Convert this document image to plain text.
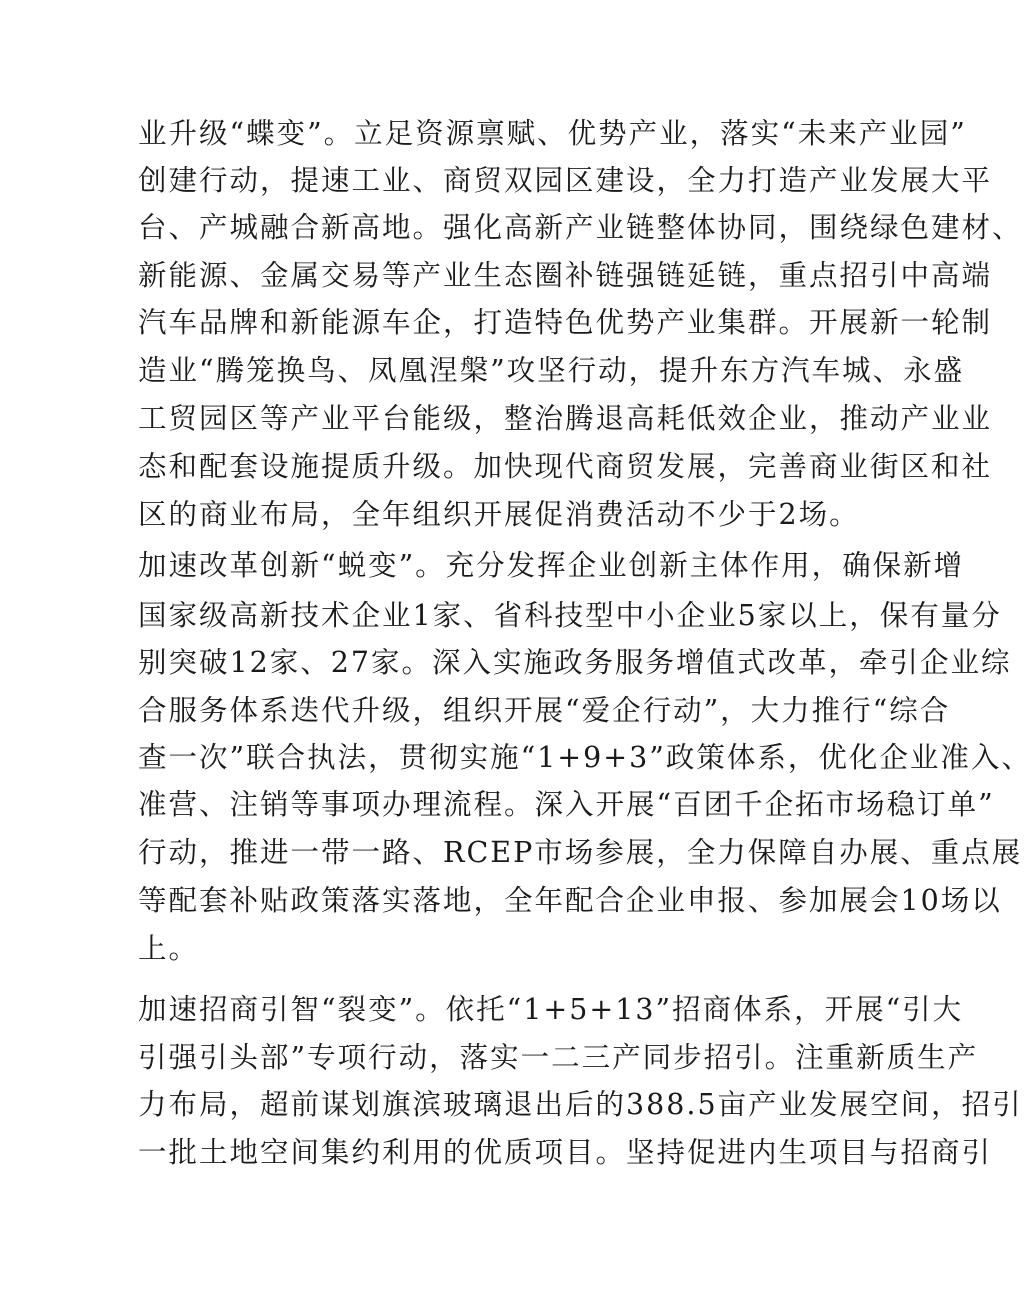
业升级“蝶变”。立足资源禀赋、优势产业，落实“未来产业园”
创建行动，提速工业、商贸双园区建设，全力打造产业发展大平
台、产城融合新高地。强化高新产业链整体协同，围绕绿色建材、
新能源、金属交易等产业生态圈补链强链延链，重点招引中高端
汽车品牌和新能源车企，打造特色优势产业集群。开展新一轮制
造业“腾笼换鸟、凤凰涅槃”攻坚行动，提升东方汽车城、永盛
工贸园区等产业平台能级，整治腾退高耗低效企业，推动产业业
态和配套设施提质升级。加快现代商贸发展，完善商业街区和社
区的商业布局，全年组织开展促消费活动不少于2场。
加速改革创新“蜕变”。充分发挥企业创新主体作用，确保新增
国家级高新技术企业1家、省科技型中小企业5家以上，保有量分
别突破12家、27家。深入实施政务服务增值式改革，牵引企业综
合服务体系迭代升级，组织开展“爱企行动”，大力推行“综合
查一次”联合执法，贯彻实施“1+9+3”政策体系，优化企业准入、
准营、注销等事项办理流程。深入开展“百团千企拓市场稳订单”
行动，推进一带一路、RCEP市场参展，全力保障自办展、重点展
等配套补贴政策落实落地，全年配合企业申报、参加展会10场以
上。
加速招商引智“裂变”。依托“1+5+13”招商体系，开展“引大
引强引头部”专项行动，落实一二三产同步招引。注重新质生产
力布局，超前谋划旗滨玻璃退出后的388.5亩产业发展空间，招引
一批土地空间集约利用的优质项目。坚持促进内生项目与招商引
